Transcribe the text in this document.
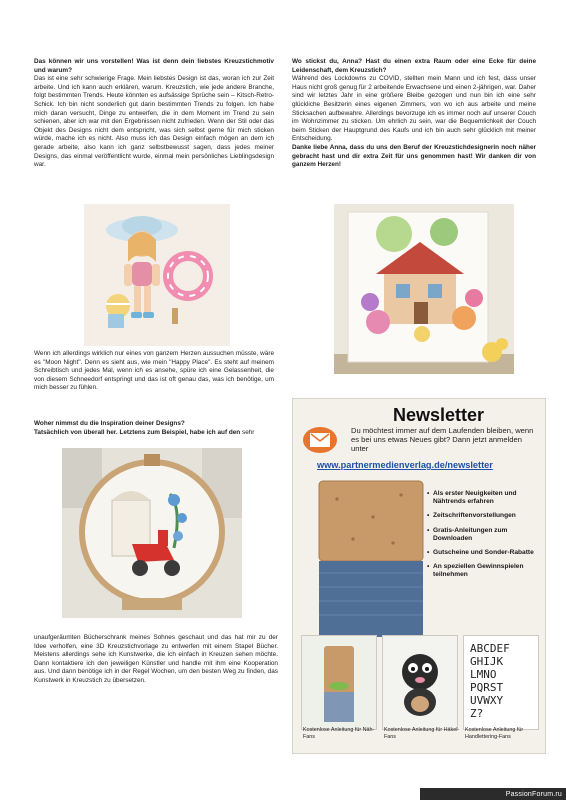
Das können wir uns vorstellen! Was ist denn dein liebstes Kreuzstichmotiv und warum?

Das ist eine sehr schwierige Frage. Mein liebstes Design ist das, woran ich zur Zeit arbeite. Und ich kann auch erklären, warum. Kreuzstich, wie jede andere Branche, folgt bestimmten Trends. Heute könnten es aufsässige Sprüche sein – Kitsch-Retro-Schick. Ich bin nicht sonderlich gut darin bestimmten Trends zu folgen. Ich habe mich daran versucht, Dinge zu entwerfen, die in dem Moment im Trend zu sein schienen, aber ich war mit den Ergebnissen nicht zufrieden. Wenn der Stil oder das Objekt des Designs nicht dem entspricht, was sich selbst gerne für mich sticken würde, mache ich es nicht. Also muss ich das Design einfach mögen an dem ich gerade arbeite, also kann ich ganz selbstbewusst sagen, dass jedes meiner Designs, das einmal veröffentlicht wurde, einmal mein persönliches Lieblingsdesign war.

Wenn ich allerdings wirklich nur eines von ganzem Herzen aussuchen müsste, wäre es "Moon Night". Denn es sieht aus, wie mein "Happy Place". Es steht auf meinem Schreibtisch und jedes Mal, wenn ich es ansehe, spüre ich eine Gelassenheit, die von diesem Schneedorf entspringt und das ist oft genau das, was ich benötige, um mich besser zu fühlen.

Woher nimmst du die Inspiration deiner Designs?

Tatsächlich von überall her. Letztens zum Beispiel, habe ich auf den sehr

unaufgeräumten Bücherschrank meines Sohnes geschaut und das hat mir zu der Idee verholfen, eine 3D Kreuzstichvorlage zu entwerfen mit einem Stapel Bücher. Meistens allerdings sehe ich Kunstwerke, die ich einfach in Kreuzen sehen möchte. Dann kontaktiere ich den jeweiligen Künstler und handle mit ihm eine Kooperation aus. Und dann benötige ich in der Regel Wochen, um den besten Weg zu finden, das Kunstwerk in Kreuzstich zu übersetzen.

Wo stickst du, Anna? Hast du einen extra Raum oder eine Ecke für deine Leidenschaft, dem Kreuzstich?

Während des Lockdowns zu COVID, stellten mein Mann und ich fest, dass unser Haus nicht groß genug für 2 arbeitende Erwachsene und einen 2-jährigen, war. Daher sind wir letztes Jahr in eine größere Bleibe gezogen und nun bin ich eine sehr glückliche Besitzerin eines eigenen Zimmers, von wo ich aus arbeite und meine Sticksachen aufbewahre. Allerdings bevorzuge ich es immer noch auf unserer Couch im Wohnzimmer zu sticken. Um ehrlich zu sein, war die Bequemlichkeit der Couch beim Sticken der Hauptgrund des Kaufs und ich bin auch sehr glücklich mit meiner Entscheidung.

Danke liebe Anna, dass du uns den Beruf der Kreuzstichdesignerin noch näher gebracht hast und dir extra Zeit für uns genommen hast! Wir danken dir von ganzem Herzen!

Newsletter
Du möchtest immer auf dem Laufenden bleiben, wenn es bei uns etwas Neues gibt? Dann jetzt anmelden unter
www.partnermedienverlag.de/newsletter
• Als erster Neuigkeiten und Nähtrends erfahren
• Zeitschriftenvorstellungen
• Gratis-Anleitungen zum Downloaden
• Gutscheine und Sonder-Rabatte
• An speziellen Gewinnspielen teilnehmen
ABCDEF
GHIJK
LMNO
PQRST
UVWXY
Z?
Kostenlose Anleitung für Näh-Fans
Kostenlose Anleitung für Häkel-Fans
Kostenlose Anleitung für Handlettering-Fans
PassionForum.ru
